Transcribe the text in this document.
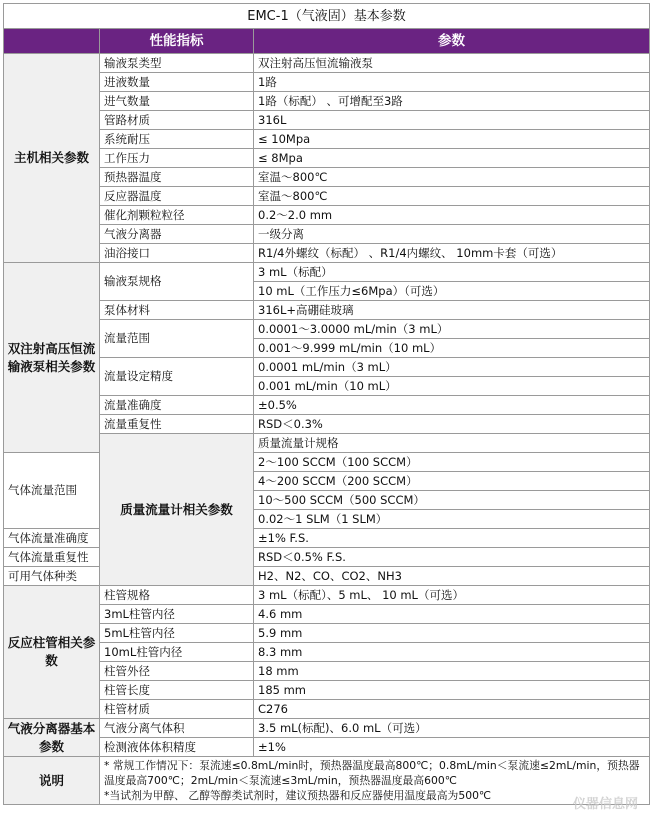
EMC-1（气液固）基本参数			
	性能指标	参数	
主机相关参数	输液泵类型	双注射高压恒流输液泵	
	进液数量	1路	
	进气数量	1路（标配） 、可增配至3路	
	管路材质	316L	
	系统耐压	≤ 10Mpa	
	工作压力	≤ 8Mpa	
	预热器温度	室温～800℃	
	反应器温度	室温～800℃	
	催化剂颗粒粒径	0.2～2.0 mm	
	气液分离器	一级分离	
	油浴接口	R1/4外螺纹（标配） 、R1/4内螺纹、 10mm卡套（可选）	
双注射高压恒流输液泵相关参数	输液泵规格	3 mL（标配）	
		10 mL（工作压力≤6Mpa）（可选）	
	泵体材料	316L+高硼硅玻璃	
	流量范围	0.0001～3.0000 mL/min（3 mL）	
		0.001～9.999 mL/min（10 mL）	
	流量设定精度	0.0001 mL/min（3 mL）	
		0.001 mL/min（10 mL）	
	流量准确度	±0.5%	
	流量重复性	RSD＜0.3%	
	质量流量计相关参数	质量流量计规格	
气体流量范围		2～100 SCCM（100 SCCM）	
		4～200 SCCM（200 SCCM）	
		10～500 SCCM（500 SCCM）	
		0.02～1 SLM（1 SLM）	
气体流量准确度		±1% F.S.	
气体流量重复性		RSD＜0.5% F.S.	
可用气体种类		H2、N2、CO、CO2、NH3	
反应柱管相关参数	柱管规格	3 mL（标配）、5 mL、 10 mL（可选）	
	3mL柱管内径	4.6 mm	
	5mL柱管内径	5.9 mm	
	10mL柱管内径	8.3 mm	
	柱管外径	18 mm	
	柱管长度	185 mm	
	柱管材质	C276	
气液分离器基本参数	气液分离气体积	3.5 mL(标配)、6.0 mL（可选）	
	检测液体体积精度	±1%	
说明	* 常规工作情况下：泵流速≤0.8mL/min时，预热器温度最高800℃；0.8mL/min＜泵流速≤2mL/min，预热器温度最高700℃；2mL/min＜泵流速≤3mL/min，预热器温度最高600℃
*当试剂为甲醇、 乙醇等醇类试剂时，建议预热器和反应器使用温度最高为500℃		
仪器信息网
